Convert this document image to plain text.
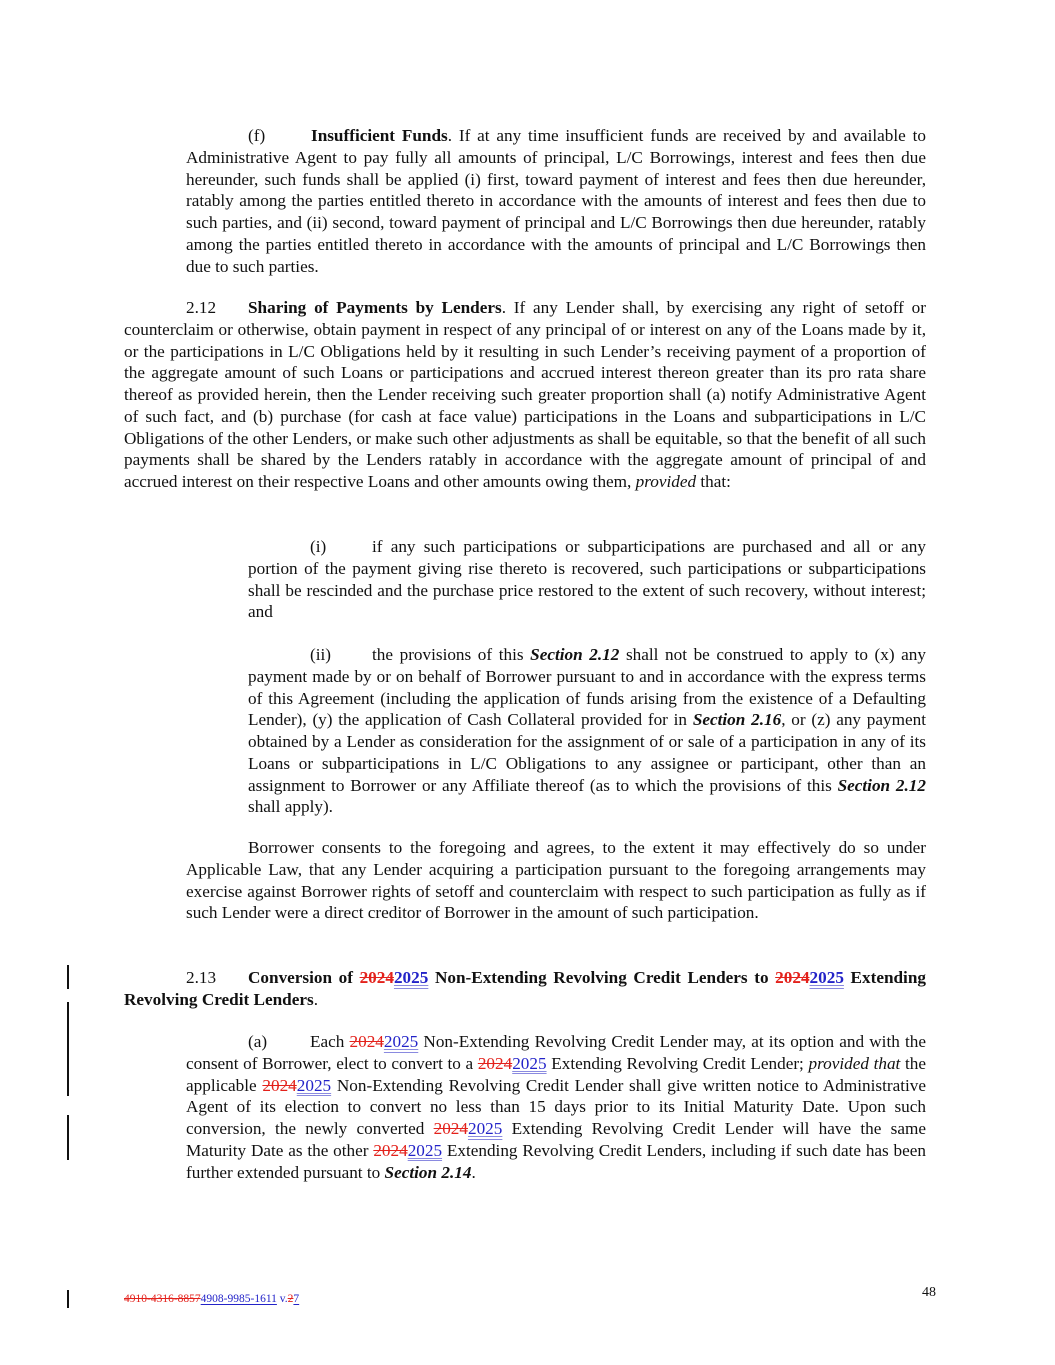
(f)	Insufficient Funds. If at any time insufficient funds are received by and available to Administrative Agent to pay fully all amounts of principal, L/C Borrowings, interest and fees then due hereunder, such funds shall be applied (i) first, toward payment of interest and fees then due hereunder, ratably among the parties entitled thereto in accordance with the amounts of interest and fees then due to such parties, and (ii) second, toward payment of principal and L/C Borrowings then due hereunder, ratably among the parties entitled thereto in accordance with the amounts of principal and L/C Borrowings then due to such parties.

2.12 Sharing of Payments by Lenders. If any Lender shall, by exercising any right of setoff or counterclaim or otherwise, obtain payment in respect of any principal of or interest on any of the Loans made by it, or the participations in L/C Obligations held by it resulting in such Lender’s receiving payment of a proportion of the aggregate amount of such Loans or participations and accrued interest thereon greater than its pro rata share thereof as provided herein, then the Lender receiving such greater proportion shall (a) notify Administrative Agent of such fact, and (b) purchase (for cash at face value) participations in the Loans and subparticipations in L/C Obligations of the other Lenders, or make such other adjustments as shall be equitable, so that the benefit of all such payments shall be shared by the Lenders ratably in accordance with the aggregate amount of principal of and accrued interest on their respective Loans and other amounts owing them, provided that:

(i)	if any such participations or subparticipations are purchased and all or any portion of the payment giving rise thereto is recovered, such participations or subparticipations shall be rescinded and the purchase price restored to the extent of such recovery, without interest; and

(ii) the provisions of this Section 2.12 shall not be construed to apply to (x) any payment made by or on behalf of Borrower pursuant to and in accordance with the express terms of this Agreement (including the application of funds arising from the existence of a Defaulting Lender), (y) the application of Cash Collateral provided for in Section 2.16, or (z) any payment obtained by a Lender as consideration for the assignment of or sale of a participation in any of its Loans or subparticipations in L/C Obligations to any assignee or participant, other than an assignment to Borrower or any Affiliate thereof (as to which the provisions of this Section 2.12 shall apply).

Borrower consents to the foregoing and agrees, to the extent it may effectively do so under Applicable Law, that any Lender acquiring a participation pursuant to the foregoing arrangements may exercise against Borrower rights of setoff and counterclaim with respect to such participation as fully as if such Lender were a direct creditor of Borrower in the amount of such participation.

2.13 Conversion of 20242025 Non-Extending Revolving Credit Lenders to 20242025 Extending Revolving Credit Lenders.

(a) Each 20242025 Non-Extending Revolving Credit Lender may, at its option and with the consent of Borrower, elect to convert to a 20242025 Extending Revolving Credit Lender; provided that the applicable 20242025 Non-Extending Revolving Credit Lender shall give written notice to Administrative Agent of its election to convert no less than 15 days prior to its Initial Maturity Date. Upon such conversion, the newly converted 20242025 Extending Revolving Credit Lender will have the same Maturity Date as the other 20242025 Extending Revolving Credit Lenders, including if such date has been further extended pursuant to Section 2.14.

4910-4316-88574908-9985-1611 v.27	48
